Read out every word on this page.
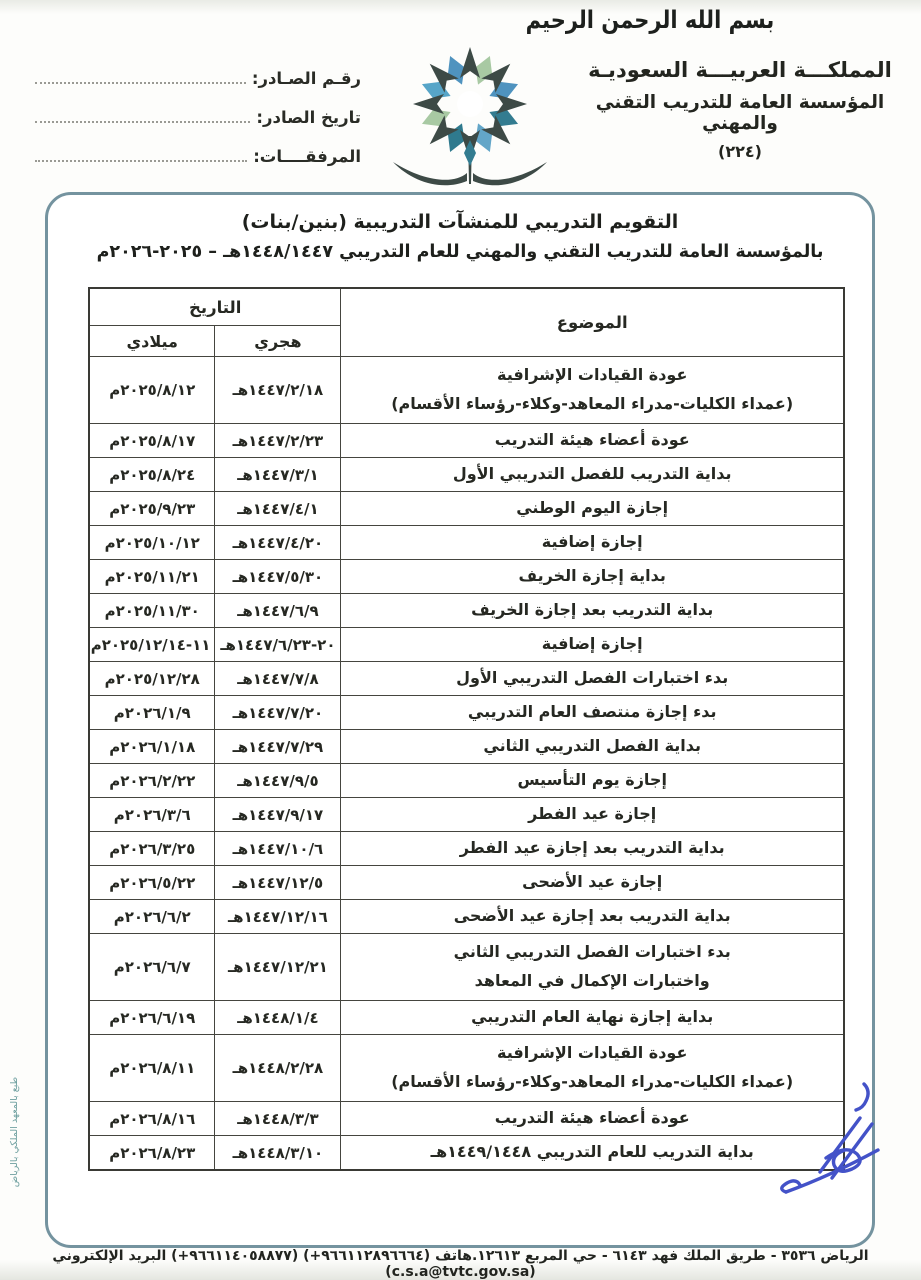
بسم الله الرحمن الرحيم
المملكـــة العربيـــة السعوديـة
المؤسسة العامة للتدريب التقني والمهني
(٢٢٤)
رقـم الصـادر:
تاريخ الصادر:
المرفقــــات:
التقويم التدريبي للمنشآت التدريبية (بنين/بنات)
بالمؤسسة العامة للتدريب التقني والمهني للعام التدريبي ١٤٤٨/١٤٤٧هـ – ٢٠٢٥-٢٠٢٦م
الموضوع	التاريخ	
	هجري	ميلادي

عودة القيادات الإشرافية
(عمداء الكليات-مدراء المعاهد-وكلاء-رؤساء الأقسام)	١٤٤٧/٢/١٨هـ	٢٠٢٥/٨/١٢م

عودة أعضاء هيئة التدريب	١٤٤٧/٢/٢٣هـ	٢٠٢٥/٨/١٧م

بداية التدريب للفصل التدريبي الأول	١٤٤٧/٣/١هـ	٢٠٢٥/٨/٢٤م

إجازة اليوم الوطني	١٤٤٧/٤/١هـ	٢٠٢٥/٩/٢٣م

إجازة إضافية	١٤٤٧/٤/٢٠هـ	٢٠٢٥/١٠/١٢م

بداية إجازة الخريف	١٤٤٧/٥/٣٠هـ	٢٠٢٥/١١/٢١م

بداية التدريب بعد إجازة الخريف	١٤٤٧/٦/٩هـ	٢٠٢٥/١١/٣٠م

إجازة إضافية	٢٠-١٤٤٧/٦/٢٣هـ	١١-٢٠٢٥/١٢/١٤م

بدء اختبارات الفصل التدريبي الأول	١٤٤٧/٧/٨هـ	٢٠٢٥/١٢/٢٨م

بدء إجازة منتصف العام التدريبي	١٤٤٧/٧/٢٠هـ	٢٠٢٦/١/٩م

بداية الفصل التدريبي الثاني	١٤٤٧/٧/٢٩هـ	٢٠٢٦/١/١٨م

إجازة يوم التأسيس	١٤٤٧/٩/٥هـ	٢٠٢٦/٢/٢٢م

إجازة عيد الفطر	١٤٤٧/٩/١٧هـ	٢٠٢٦/٣/٦م

بداية التدريب بعد إجازة عيد الفطر	١٤٤٧/١٠/٦هـ	٢٠٢٦/٣/٢٥م

إجازة عيد الأضحى	١٤٤٧/١٢/٥هـ	٢٠٢٦/٥/٢٢م

بداية التدريب بعد إجازة عيد الأضحى	١٤٤٧/١٢/١٦هـ	٢٠٢٦/٦/٢م

بدء اختبارات الفصل التدريبي الثاني
واختبارات الإكمال في المعاهد	١٤٤٧/١٢/٢١هـ	٢٠٢٦/٦/٧م

بداية إجازة نهاية العام التدريبي	١٤٤٨/١/٤هـ	٢٠٢٦/٦/١٩م

عودة القيادات الإشرافية
(عمداء الكليات-مدراء المعاهد-وكلاء-رؤساء الأقسام)	١٤٤٨/٢/٢٨هـ	٢٠٢٦/٨/١١م

عودة أعضاء هيئة التدريب	١٤٤٨/٣/٣هـ	٢٠٢٦/٨/١٦م

بداية التدريب للعام التدريبي ١٤٤٩/١٤٤٨هـ	١٤٤٨/٣/١٠هـ	٢٠٢٦/٨/٢٣م
الرياض ٣٥٣٦ - طريق الملك فهد ٦١٤٣ - حي المربع ١٢٦١٣.هاتف (٩٦٦١١٢٨٩٦٦٦٤+) (٩٦٦١١٤٠٥٨٨٧٧+) البريد الإلكتروني (c.s.a@tvtc.gov.sa)
طبع بالمعهد الملكي بالرياض
